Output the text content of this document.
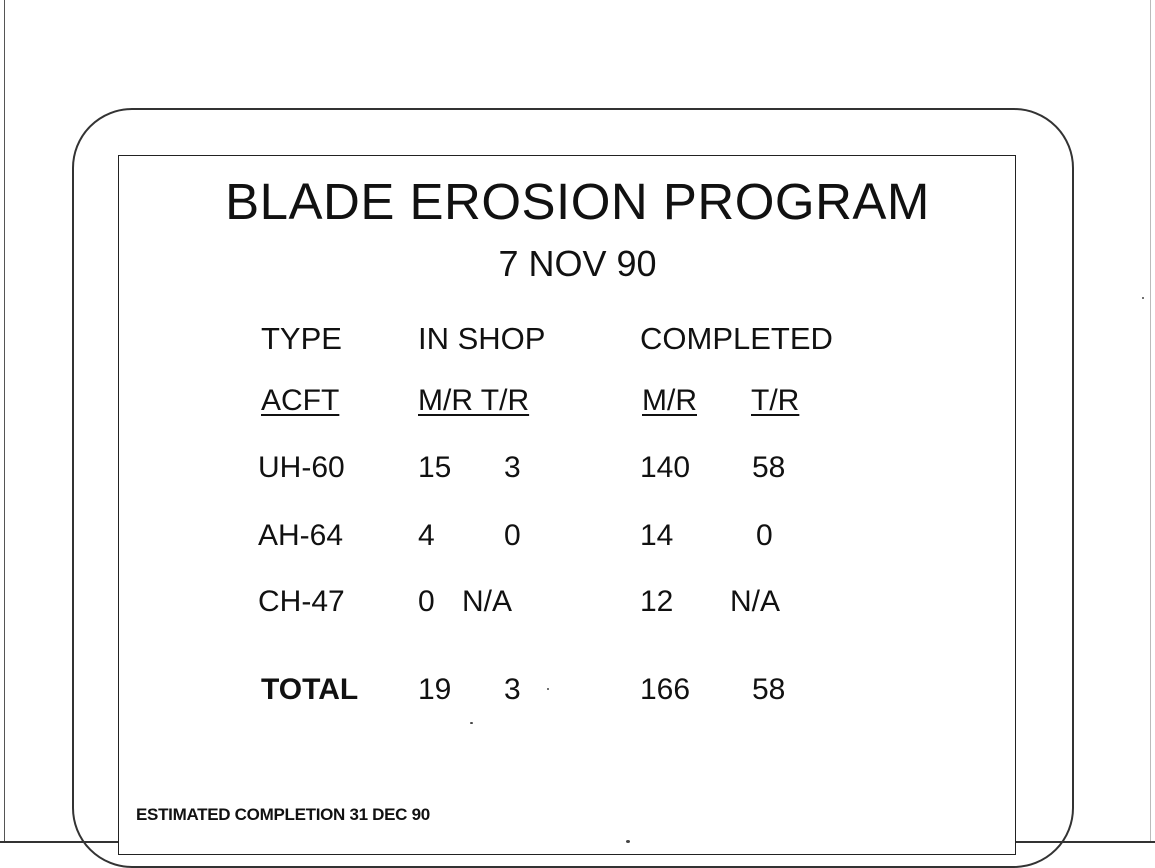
BLADE EROSION PROGRAM
7 NOV 90
TYPE IN SHOP	COMPLETED
ACFT	M/R T/R	M/R T/R
UH-60 15 3	140 58
AH-64 4 0	14	0
CH-47 0 N/A	12 N/A
TOTAL 19 3	166 58
ESTIMATED COMPLETION 31 DEC 90
